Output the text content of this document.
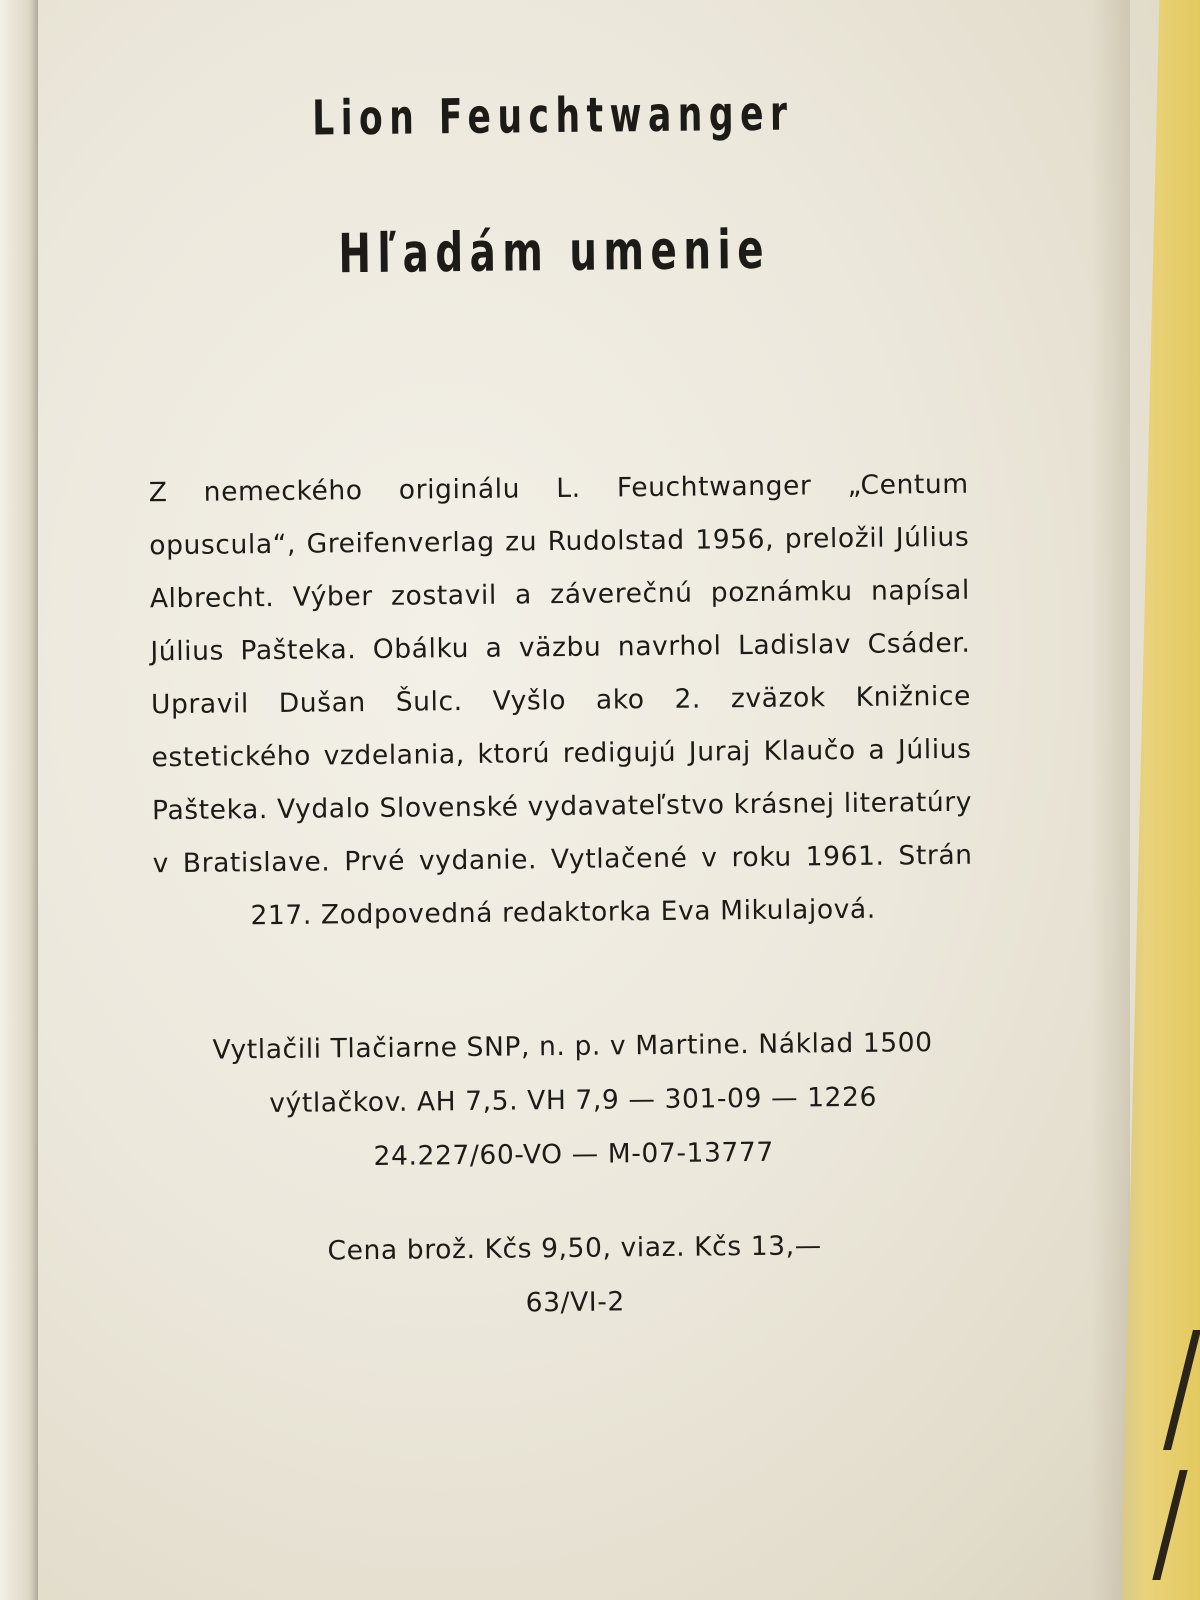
Lion Feuchtwanger
Hľadám umenie
Z nemeckého originálu L. Feuchtwanger „Centum opuscula“, Greifenverlag zu Rudolstad 1956, preložil Július Albrecht. Výber zostavil a záverečnú poznámku napísal Július Pašteka. Obálku a väzbu navrhol Ladislav Csáder. Upravil Dušan Šulc. Vyšlo ako 2. zväzok Knižnice estetického vzdelania, ktorú redigujú Juraj Klaučo a Július Pašteka. Vydalo Slovenské vydavateľstvo krásnej literatúry v Bratislave. Prvé vydanie. Vytlačené v roku 1961. Strán 217. Zodpovedná redaktorka Eva Mikulajová.
Vytlačili Tlačiarne SNP, n. p. v Martine. Náklad 1500
výtlačkov. AH 7,5. VH 7,9 — 301-09 — 1226
24.227/60-VO — M-07-13777
Cena brož. Kčs 9,50, viaz. Kčs 13,—
63/VI-2
